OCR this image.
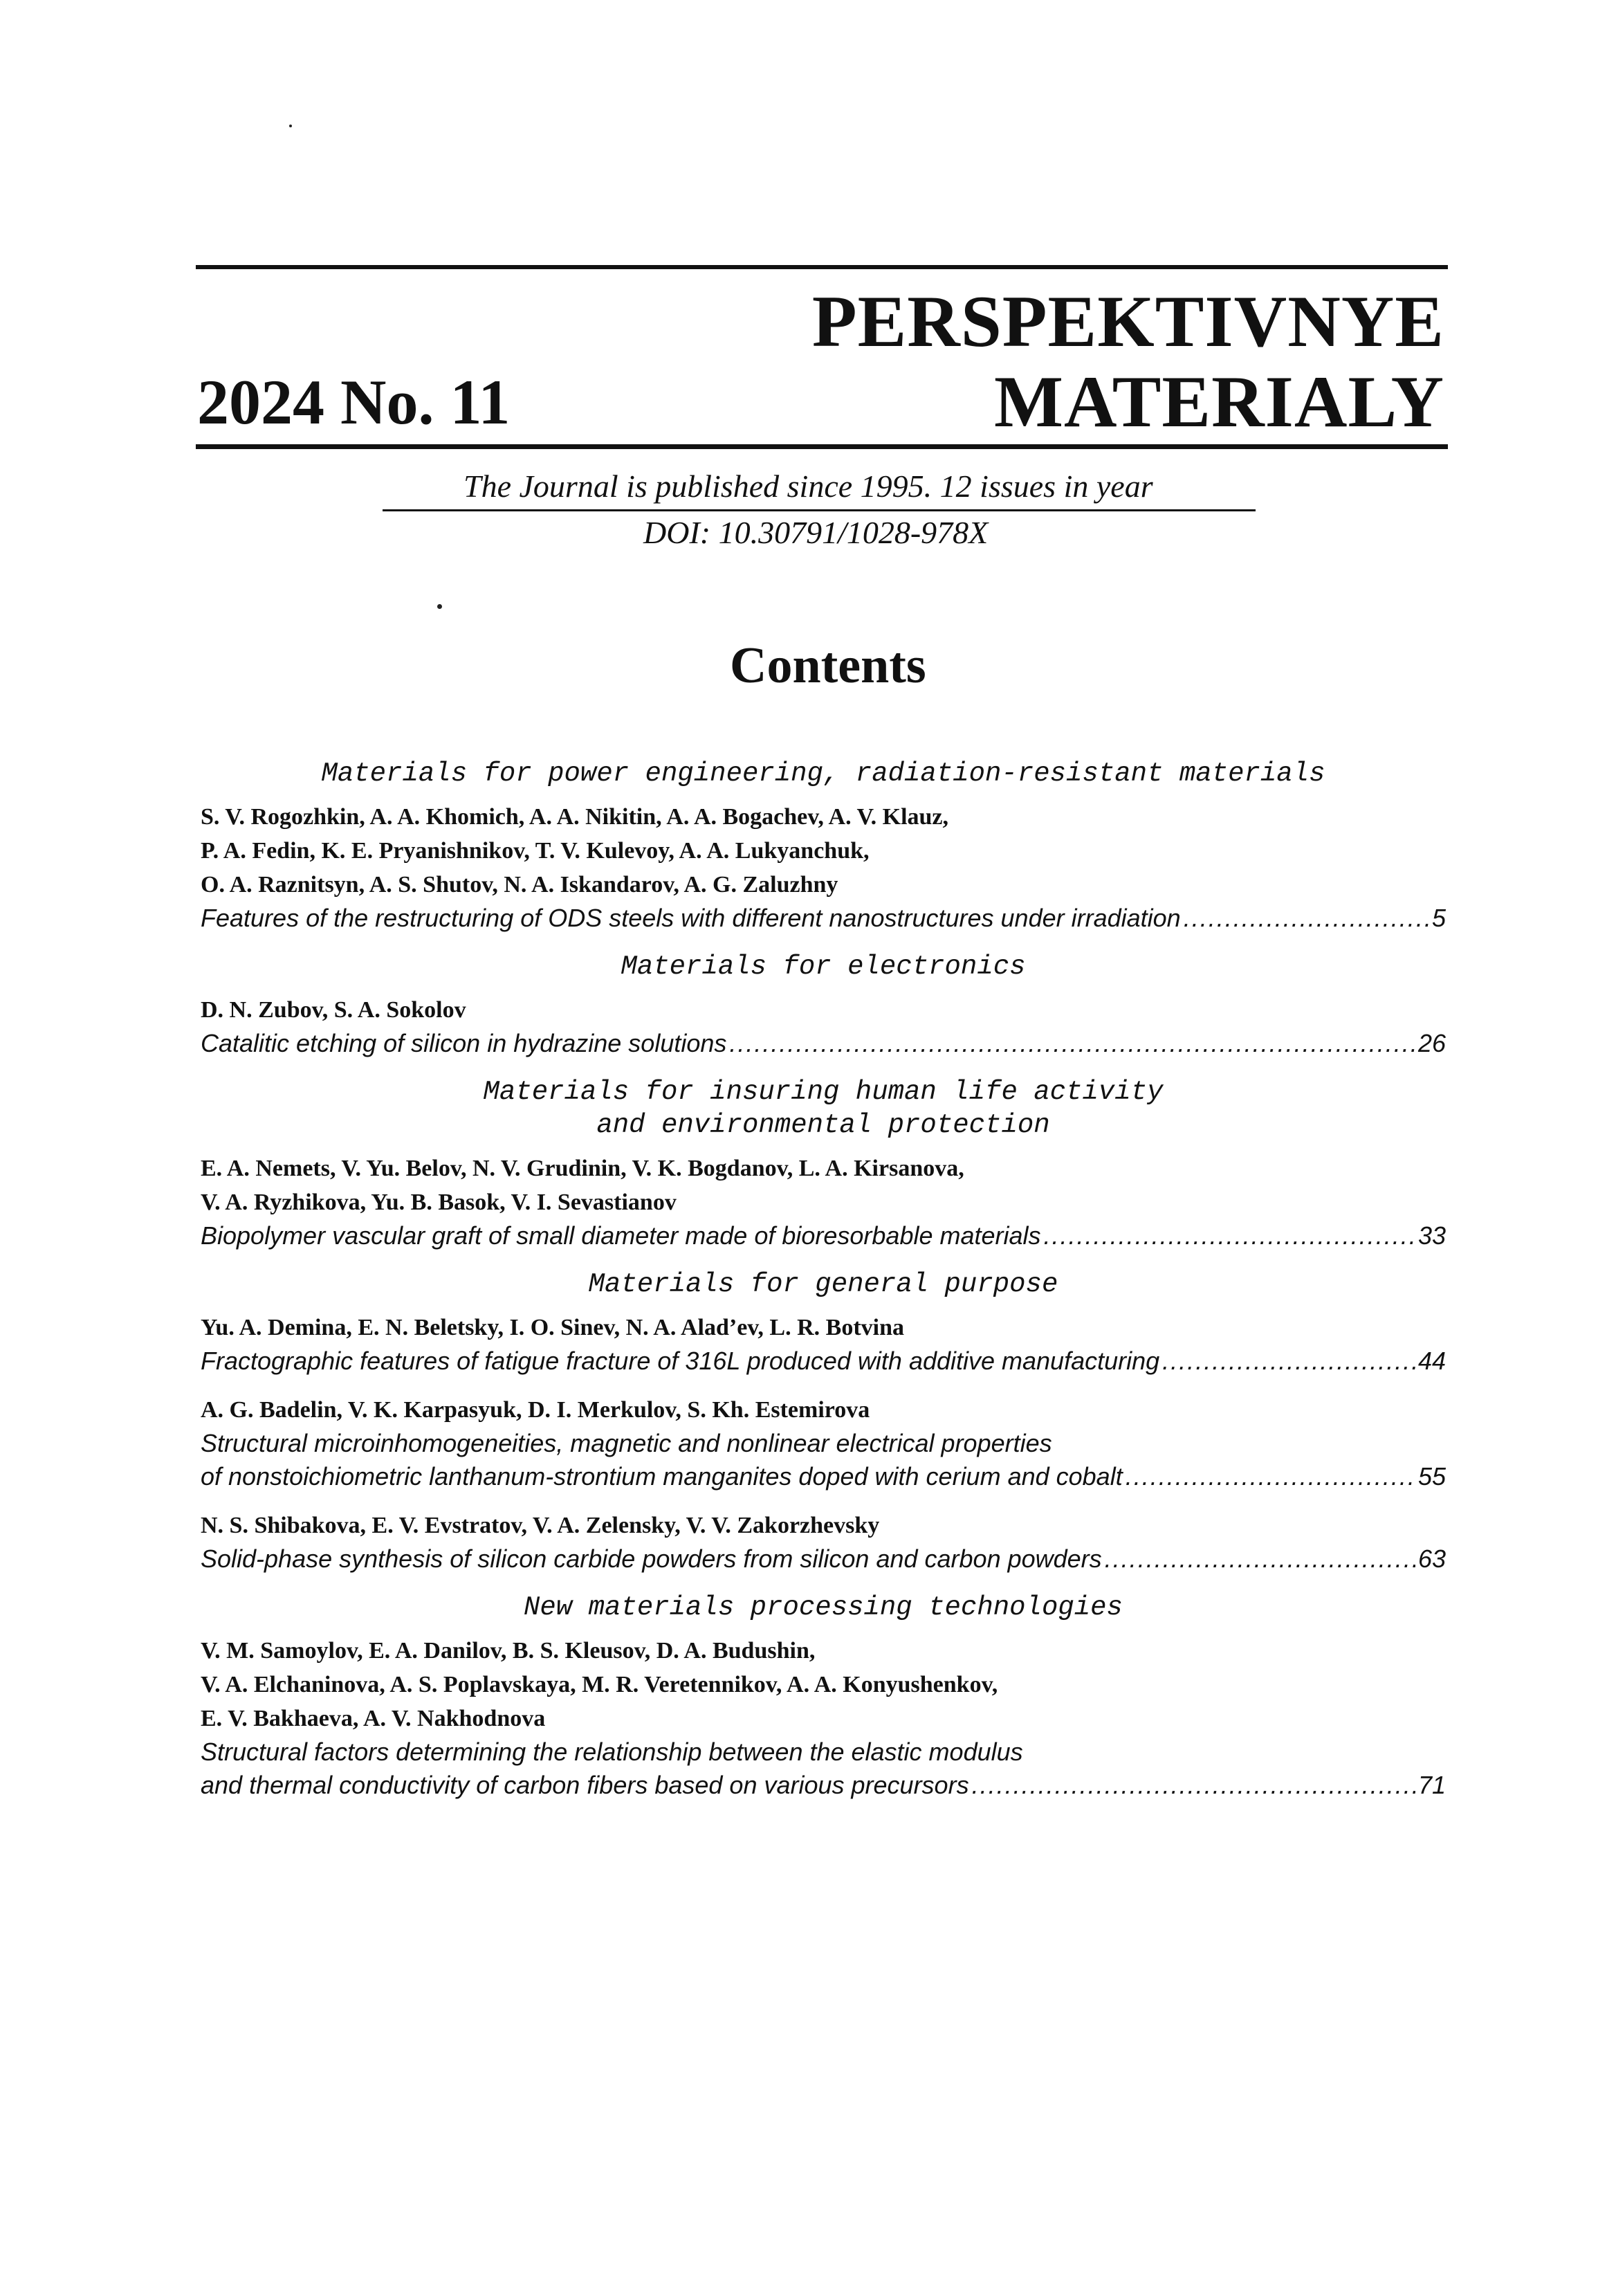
PERSPEKTIVNYE
MATERIALY
2024 No. 11
The Journal is published since 1995. 12 issues in year
DOI: 10.30791/1028-978X
Contents
Materials for power engineering, radiation-resistant materials
S. V. Rogozhkin, A. A. Khomich, A. A. Nikitin, A. A. Bogachev, A. V. Klauz,
P. A. Fedin, K. E. Pryanishnikov, T. V. Kulevoy, A. A. Lukyanchuk,
O. A. Raznitsyn, A. S. Shutov, N. A. Iskandarov, A. G. Zaluzhny
Features of the restructuring of ODS steels with different nanostructures under irradiation . . .	5
Materials for electronics
D. N. Zubov, S. A. Sokolov
Catalitic etching of silicon in hydrazine solutions . . .	26
Materials for insuring human life activity
and environmental protection
E. A. Nemets, V. Yu. Belov, N. V. Grudinin, V. K. Bogdanov, L. A. Kirsanova,
V. A. Ryzhikova, Yu. B. Basok, V. I. Sevastianov
Biopolymer vascular graft of small diameter made of bioresorbable materials . . .	33
Materials for general purpose
Yu. A. Demina, E. N. Beletsky, I. O. Sinev, N. A. Alad’ev, L. R. Botvina
Fractographic features of fatigue fracture of 316L produced with additive manufacturing . . .	44
A. G. Badelin, V. K. Karpasyuk, D. I. Merkulov, S. Kh. Estemirova
Structural microinhomogeneities, magnetic and nonlinear electrical properties
of nonstoichiometric lanthanum-strontium manganites doped with cerium and cobalt . . .	55
N. S. Shibakova, E. V. Evstratov, V. A. Zelensky, V. V. Zakorzhevsky
Solid-phase synthesis of silicon carbide powders from silicon and carbon powders . . .	63
New materials processing technologies
V. M. Samoylov, E. A. Danilov, B. S. Kleusov, D. A. Budushin,
V. A. Elchaninova, A. S. Poplavskaya, M. R. Veretennikov, A. A. Konyushenkov,
E. V. Bakhaeva, A. V. Nakhodnova
Structural factors determining the relationship between the elastic modulus
and thermal conductivity of carbon fibers based on various precursors . . .	71
